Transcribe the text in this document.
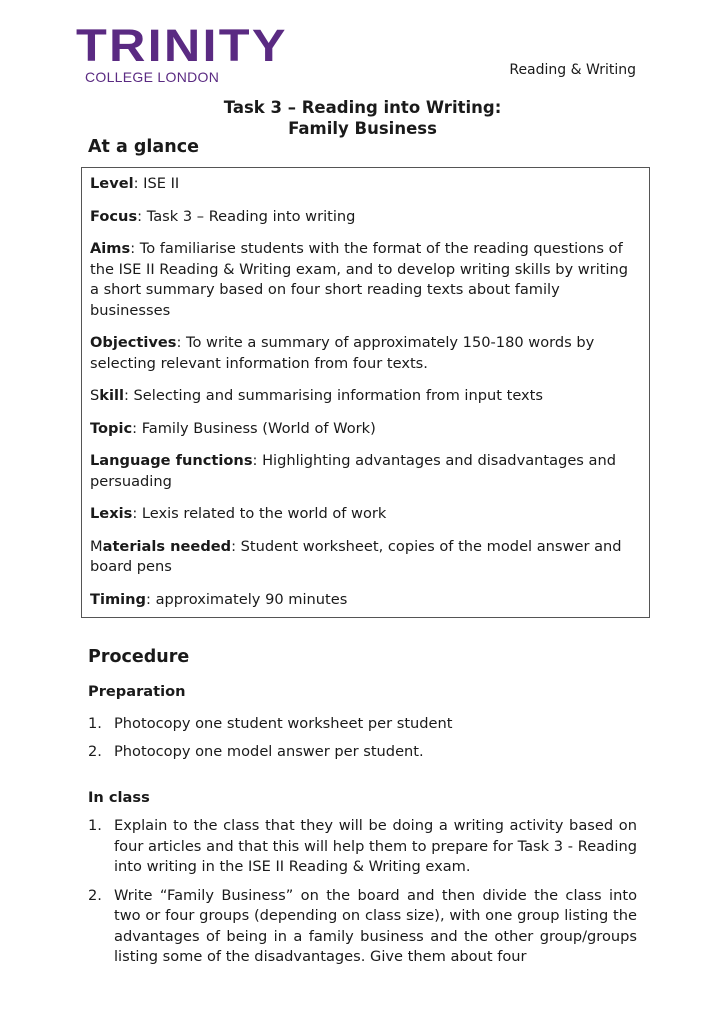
TRINITY
COLLEGE LONDON	Reading & Writing
Task 3 – Reading into Writing:
Family Business
At a glance

Level: ISE II

Focus: Task 3 – Reading into writing

Aims: To familiarise students with the format of the reading questions of the ISE II Reading & Writing exam, and to develop writing skills by writing a short summary based on four short reading texts about family businesses

Objectives: To write a summary of approximately 150-180 words by selecting relevant information from four texts.

Skill: Selecting and summarising information from input texts

Topic: Family Business (World of Work)

Language functions: Highlighting advantages and disadvantages and persuading

Lexis: Lexis related to the world of work

Materials needed: Student worksheet, copies of the model answer and board pens

Timing: approximately 90 minutes

Procedure
Preparation
1. Photocopy one student worksheet per student
2. Photocopy one model answer per student.
In class
1. Explain to the class that they will be doing a writing activity based on four articles and that this will help them to prepare for Task 3 - Reading into writing in the ISE II Reading & Writing exam.
2. Write “Family Business” on the board and then divide the class into two or four groups (depending on class size), with one group listing the advantages of being in a family business and the other group/groups listing some of the disadvantages. Give them about four
